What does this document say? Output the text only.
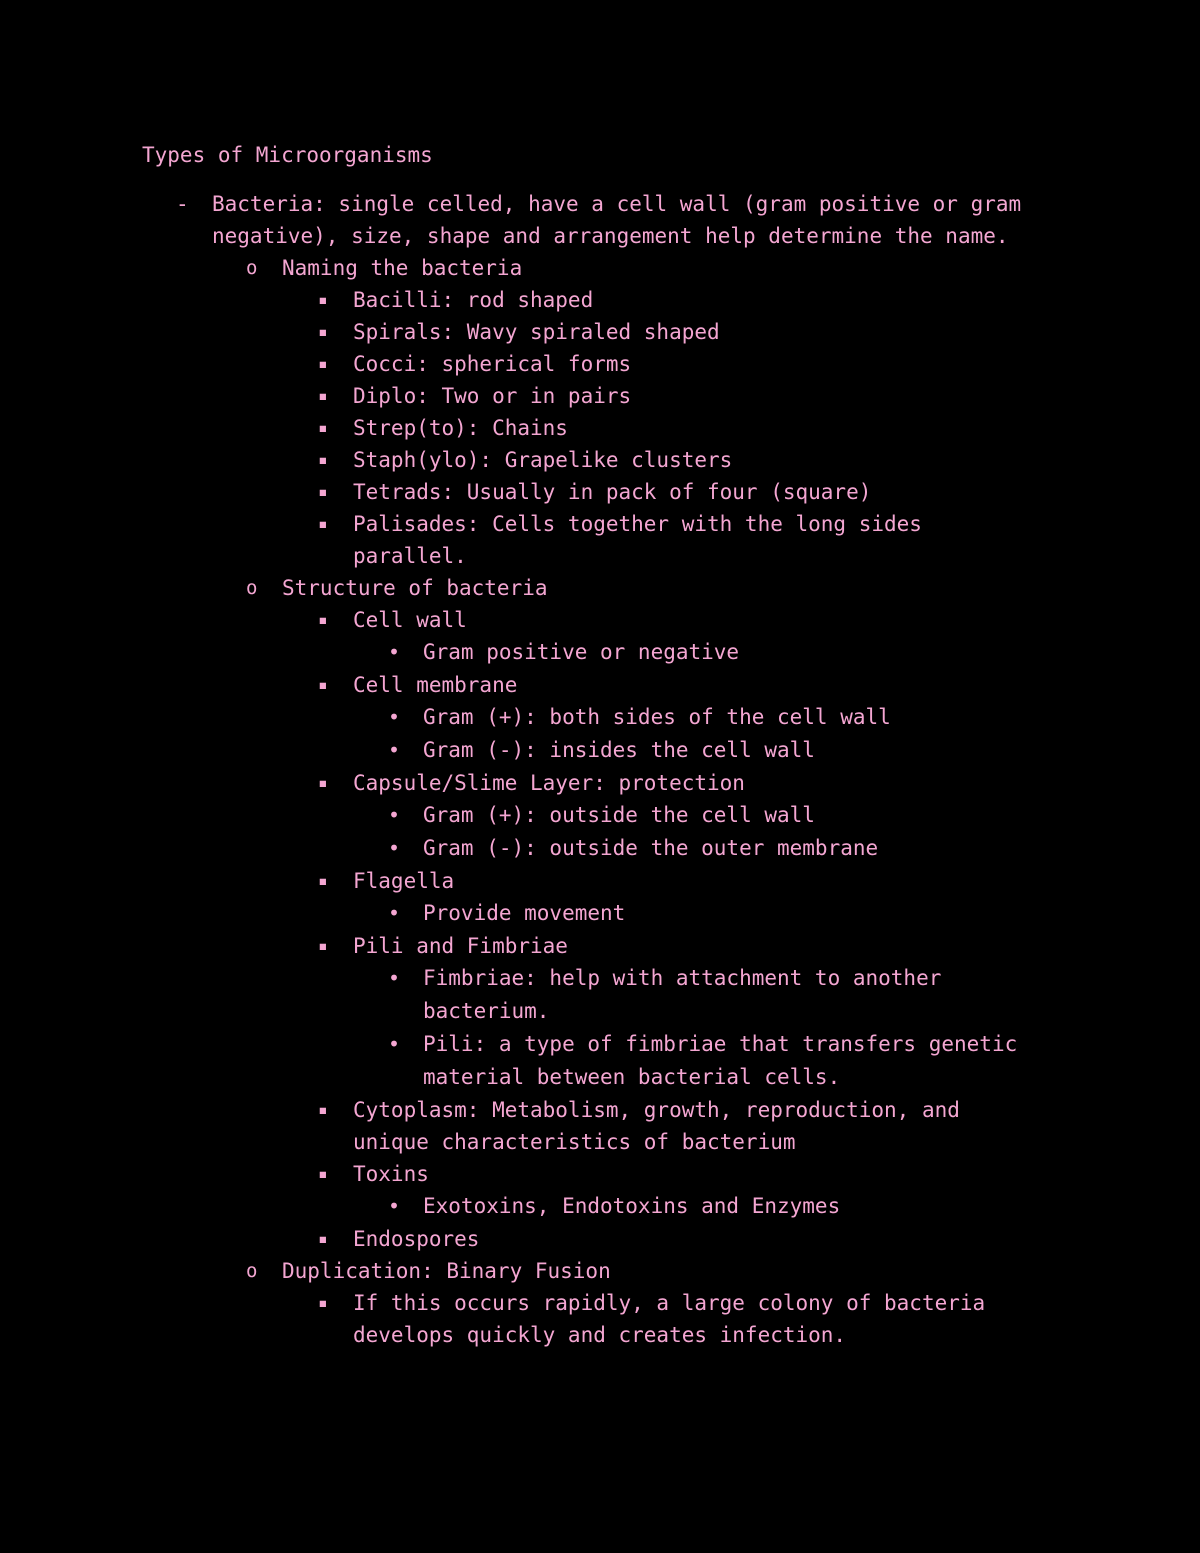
Types of Microorganisms
- Bacteria: single celled, have a cell wall (gram positive or gram negative), size, shape and arrangement help determine the name.
o Naming the bacteria
▪ Bacilli: rod shaped
▪ Spirals: Wavy spiraled shaped
▪ Cocci: spherical forms
▪ Diplo: Two or in pairs
▪ Strep(to): Chains
▪ Staph(ylo): Grapelike clusters
▪ Tetrads: Usually in pack of four (square)
▪ Palisades: Cells together with the long sides parallel.
o Structure of bacteria
▪ Cell wall
• Gram positive or negative
▪ Cell membrane
• Gram (+): both sides of the cell wall
• Gram (-): insides the cell wall
▪ Capsule/Slime Layer: protection
• Gram (+): outside the cell wall
• Gram (-): outside the outer membrane
▪ Flagella
• Provide movement
▪ Pili and Fimbriae
• Fimbriae: help with attachment to another bacterium.
• Pili: a type of fimbriae that transfers genetic material between bacterial cells.
▪ Cytoplasm: Metabolism, growth, reproduction, and unique characteristics of bacterium
▪ Toxins
• Exotoxins, Endotoxins and Enzymes
▪ Endospores
o Duplication: Binary Fusion
▪ If this occurs rapidly, a large colony of bacteria develops quickly and creates infection.
